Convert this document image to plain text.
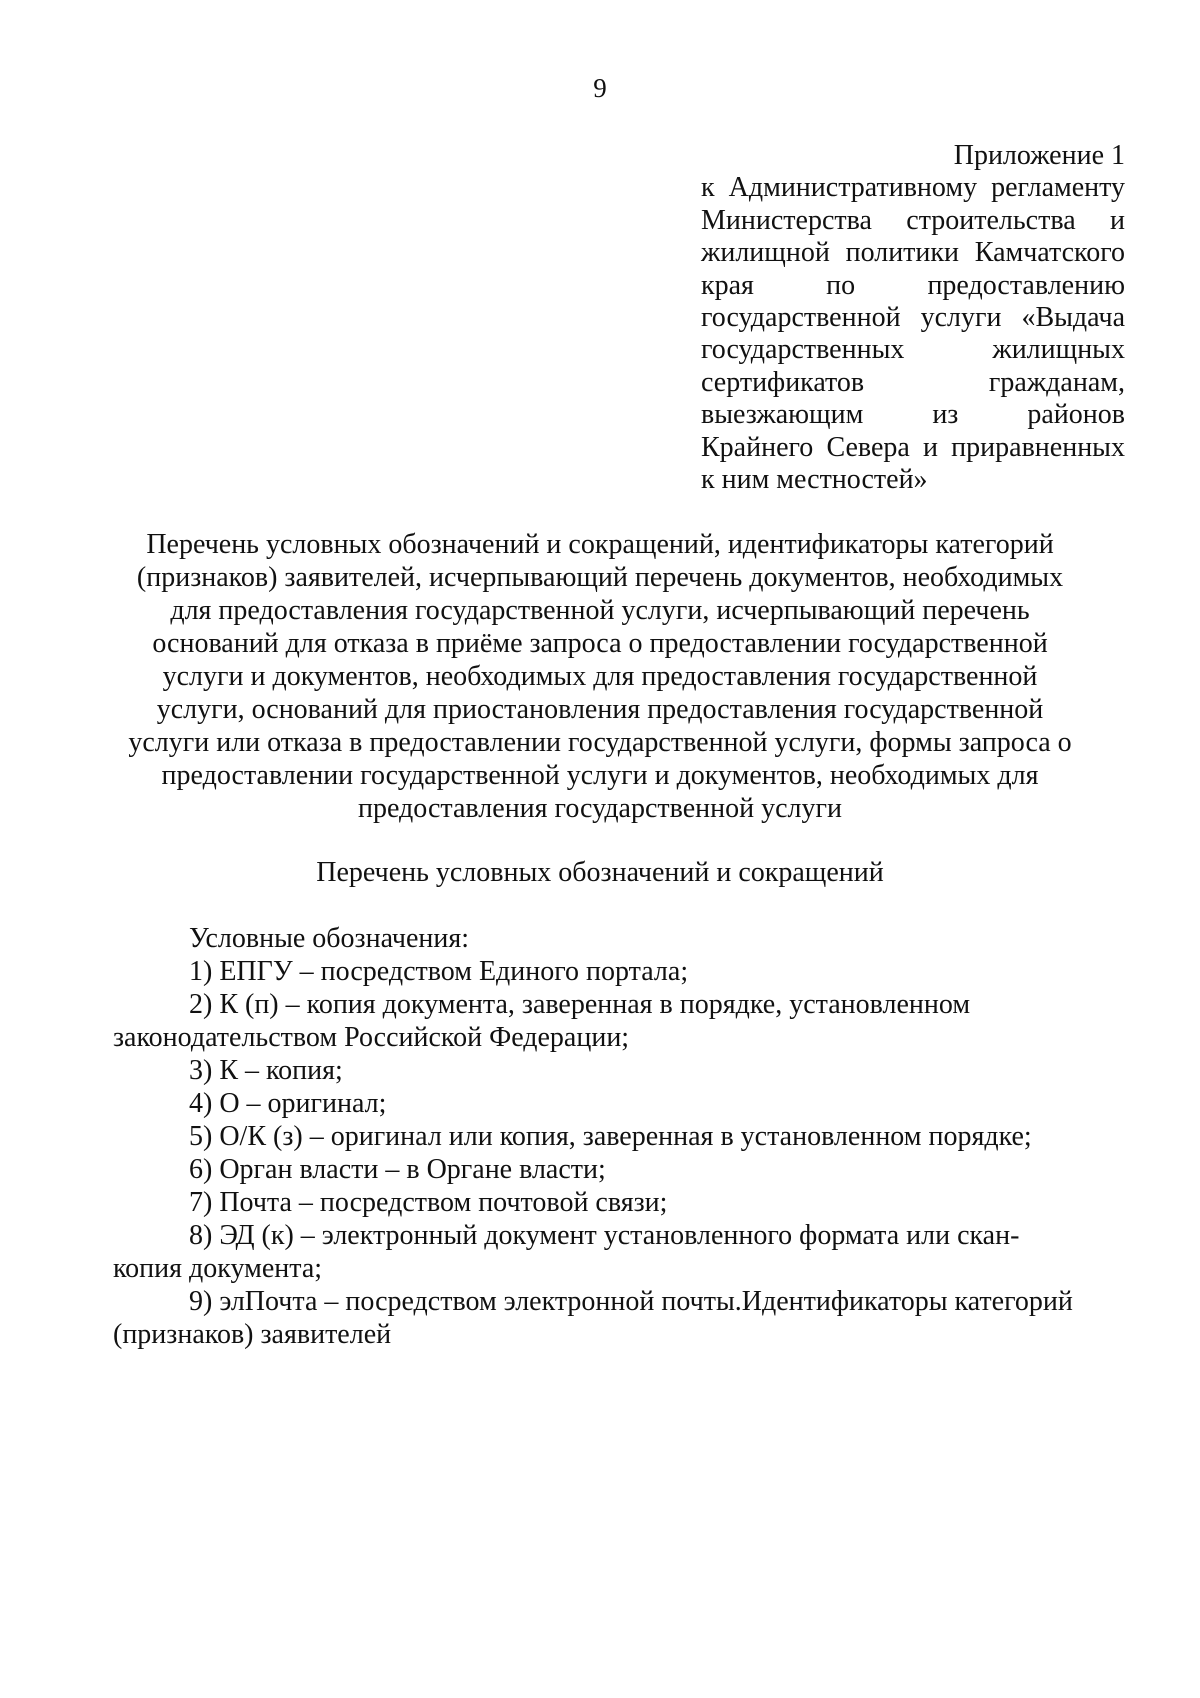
9
Приложение 1
к Административному регламенту
Министерства строительства и
жилищной политики Камчатского
края по предоставлению
государственной услуги «Выдача
государственных жилищных
сертификатов гражданам,
выезжающим из районов
Крайнего Севера и приравненных
к ним местностей»
Перечень условных обозначений и сокращений, идентификаторы категорий
(признаков) заявителей, исчерпывающий перечень документов, необходимых
для предоставления государственной услуги, исчерпывающий перечень
оснований для отказа в приёме запроса о предоставлении государственной
услуги и документов, необходимых для предоставления государственной
услуги, оснований для приостановления предоставления государственной
услуги или отказа в предоставлении государственной услуги, формы запроса о
предоставлении государственной услуги и документов, необходимых для
предоставления государственной услуги
Перечень условных обозначений и сокращений
Условные обозначения:
1) ЕПГУ – посредством Единого портала;
2) К (п) – копия документа, заверенная в порядке, установленном
законодательством Российской Федерации;
3) К – копия;
4) О – оригинал;
5) О/К (з) – оригинал или копия, заверенная в установленном порядке;
6) Орган власти – в Органе власти;
7) Почта – посредством почтовой связи;
8) ЭД (к) – электронный документ установленного формата или скан-
копия документа;
9) элПочта – посредством электронной почты.Идентификаторы категорий
(признаков) заявителей
